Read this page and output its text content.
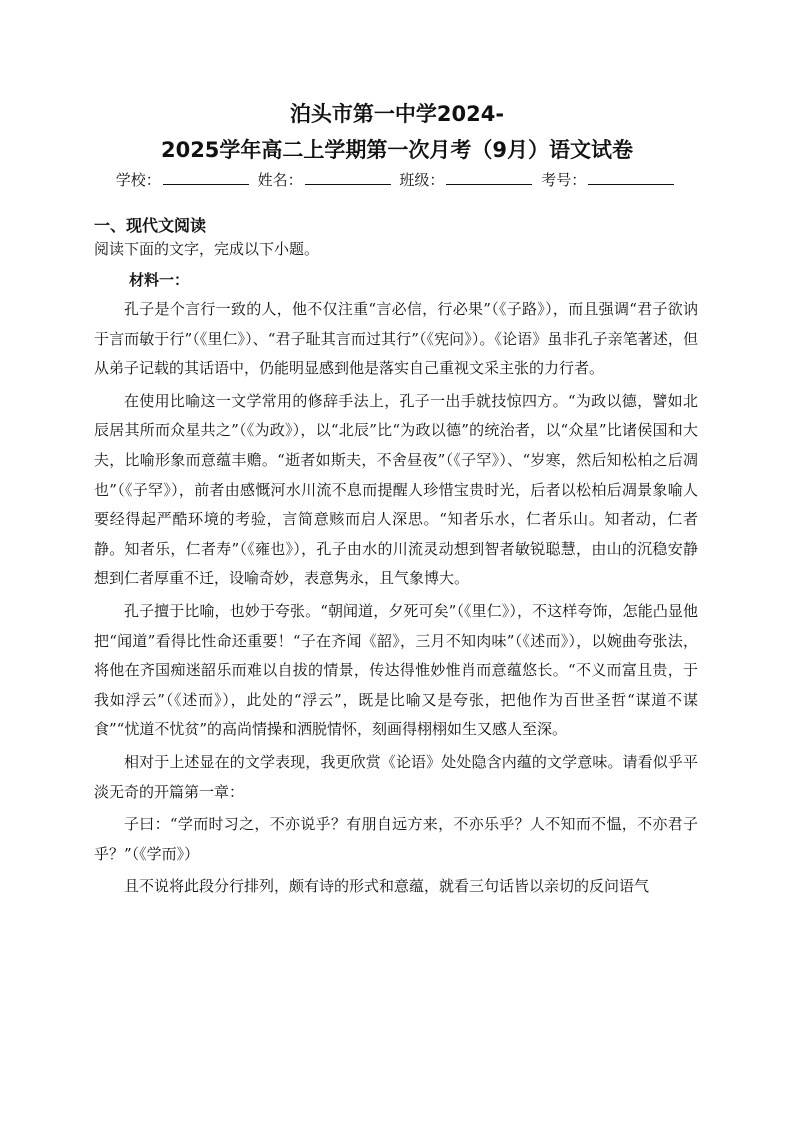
泊头市第一中学2024-
2025学年高二上学期第一次月考（9月）语文试卷
学校：	姓名：	班级：	考号：
一、现代文阅读
阅读下面的文字，完成以下小题。
材料一：

孔子是个言行一致的人，他不仅注重“言必信，行必果”（《子路》），而且强调“君子欲讷于言而敏于行”（《里仁》）、“君子耻其言而过其行”（《宪问》）。《论语》虽非孔子亲笔著述，但从弟子记载的其话语中，仍能明显感到他是落实自己重视文采主张的力行者。

在使用比喻这一文学常用的修辞手法上，孔子一出手就技惊四方。“为政以德，譬如北辰居其所而众星共之”（《为政》），以“北辰”比“为政以德”的统治者，以“众星”比诸侯国和大夫，比喻形象而意蕴丰赡。“逝者如斯夫，不舍昼夜”（《子罕》）、“岁寒，然后知松柏之后凋也”（《子罕》），前者由感慨河水川流不息而提醒人珍惜宝贵时光，后者以松柏后凋景象喻人要经得起严酷环境的考验，言简意赅而启人深思。“知者乐水，仁者乐山。知者动，仁者静。知者乐，仁者寿”（《雍也》），孔子由水的川流灵动想到智者敏锐聪慧，由山的沉稳安静想到仁者厚重不迁，设喻奇妙，表意隽永，且气象博大。

孔子擅于比喻，也妙于夸张。“朝闻道，夕死可矣”（《里仁》），不这样夸饰，怎能凸显他把“闻道”看得比性命还重要！“子在齐闻《韶》，三月不知肉味”（《述而》），以婉曲夸张法，将他在齐国痴迷韶乐而难以自拔的情景，传达得惟妙惟肖而意蕴悠长。“不义而富且贵，于我如浮云”（《述而》），此处的“浮云”，既是比喻又是夸张，把他作为百世圣哲“谋道不谋食”“忧道不忧贫”的高尚情操和洒脱情怀，刻画得栩栩如生又感人至深。

相对于上述显在的文学表现，我更欣赏《论语》处处隐含内蕴的文学意味。请看似乎平淡无奇的开篇第一章：

子曰：“学而时习之，不亦说乎？有朋自远方来，不亦乐乎？人不知而不愠，不亦君子乎？”（《学而》）

且不说将此段分行排列，颇有诗的形式和意蕴，就看三句话皆以亲切的反问语气
